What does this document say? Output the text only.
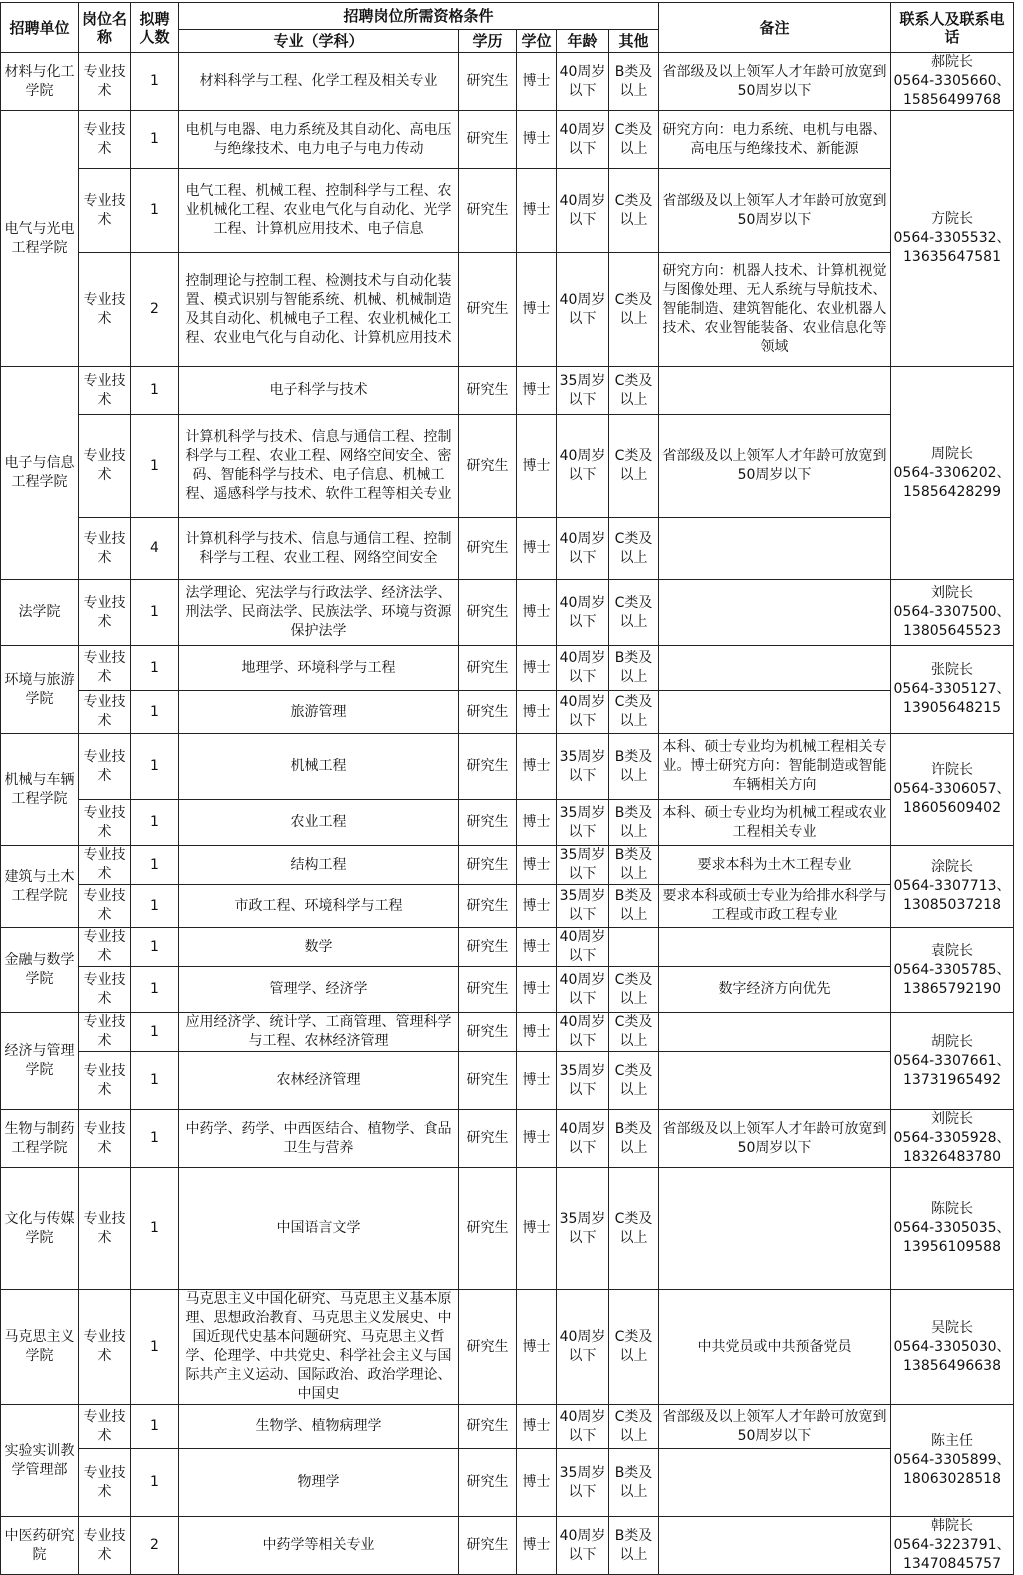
招聘单位	岗位名称	拟聘人数	招聘岗位所需资格条件					备注	联系人及联系电话
			专业（学科）	学历	学位	年龄	其他		
材料与化工学院	专业技术	1	材料科学与工程、化学工程及相关专业	研究生	博士	40周岁以下	B类及以上	省部级及以上领军人才年龄可放宽到50周岁以下	郝院长
0564-3305660、15856499768
电气与光电工程学院	专业技术	1	电机与电器、电力系统及其自动化、高电压与绝缘技术、电力电子与电力传动	研究生	博士	40周岁以下	C类及以上	研究方向：电力系统、电机与电器、高电压与绝缘技术、新能源	方院长
0564-3305532、13635647581
	专业技术	1	电气工程、机械工程、控制科学与工程、农业机械化工程、农业电气化与自动化、光学工程、计算机应用技术、电子信息	研究生	博士	40周岁以下	C类及以上	省部级及以上领军人才年龄可放宽到50周岁以下	
	专业技术	2	控制理论与控制工程、检测技术与自动化装置、模式识别与智能系统、机械、机械制造及其自动化、机械电子工程、农业机械化工程、农业电气化与自动化、计算机应用技术	研究生	博士	40周岁以下	C类及以上	研究方向：机器人技术、计算机视觉与图像处理、无人系统与导航技术、智能制造、建筑智能化、农业机器人技术、农业智能装备、农业信息化等领域	
电子与信息工程学院	专业技术	1	电子科学与技术	研究生	博士	35周岁以下	C类及以上		周院长
0564-3306202、15856428299
	专业技术	1	计算机科学与技术、信息与通信工程、控制科学与工程、农业工程、网络空间安全、密码、智能科学与技术、电子信息、机械工程、遥感科学与技术、软件工程等相关专业	研究生	博士	40周岁以下	C类及以上	省部级及以上领军人才年龄可放宽到50周岁以下	
	专业技术	4	计算机科学与技术、信息与通信工程、控制科学与工程、农业工程、网络空间安全	研究生	博士	40周岁以下	C类及以上		
法学院	专业技术	1	法学理论、宪法学与行政法学、经济法学、刑法学、民商法学、民族法学、环境与资源保护法学	研究生	博士	40周岁以下	C类及以上		刘院长
0564-3307500、13805645523
环境与旅游学院	专业技术	1	地理学、环境科学与工程	研究生	博士	40周岁以下	B类及以上		张院长
0564-3305127、13905648215
	专业技术	1	旅游管理	研究生	博士	40周岁以下	C类及以上		
机械与车辆工程学院	专业技术	1	机械工程	研究生	博士	35周岁以下	B类及以上	本科、硕士专业均为机械工程相关专业。博士研究方向：智能制造或智能车辆相关方向	许院长
0564-3306057、18605609402
	专业技术	1	农业工程	研究生	博士	35周岁以下	B类及以上	本科、硕士专业均为机械工程或农业工程相关专业	
建筑与土木工程学院	专业技术	1	结构工程	研究生	博士	35周岁以下	B类及以上	要求本科为土木工程专业	涂院长
0564-3307713、13085037218
	专业技术	1	市政工程、环境科学与工程	研究生	博士	35周岁以下	B类及以上	要求本科或硕士专业为给排水科学与工程或市政工程专业	
金融与数学学院	专业技术	1	数学	研究生	博士	40周岁以下			袁院长
0564-3305785、13865792190
	专业技术	1	管理学、经济学	研究生	博士	40周岁以下	C类及以上	数字经济方向优先	
经济与管理学院	专业技术	1	应用经济学、统计学、工商管理、管理科学与工程、农林经济管理	研究生	博士	40周岁以下	C类及以上		胡院长
0564-3307661、13731965492
	专业技术	1	农林经济管理	研究生	博士	35周岁以下	C类及以上		
生物与制药工程学院	专业技术	1	中药学、药学、中西医结合、植物学、食品卫生与营养	研究生	博士	40周岁以下	B类及以上	省部级及以上领军人才年龄可放宽到50周岁以下	刘院长
0564-3305928、18326483780
文化与传媒学院	专业技术	1	中国语言文学	研究生	博士	35周岁以下	C类及以上		陈院长
0564-3305035、13956109588
马克思主义学院	专业技术	1	马克思主义中国化研究、马克思主义基本原理、思想政治教育、马克思主义发展史、中国近现代史基本问题研究、马克思主义哲学、伦理学、中共党史、科学社会主义与国际共产主义运动、国际政治、政治学理论、中国史	研究生	博士	40周岁以下	C类及以上	中共党员或中共预备党员	吴院长
0564-3305030、13856496638
实验实训教学管理部	专业技术	1	生物学、植物病理学	研究生	博士	40周岁以下	C类及以上	省部级及以上领军人才年龄可放宽到50周岁以下	陈主任
0564-3305899、18063028518
	专业技术	1	物理学	研究生	博士	35周岁以下	B类及以上		
中医药研究院	专业技术	2	中药学等相关专业	研究生	博士	40周岁以下	B类及以上		韩院长
0564-3223791、13470845757
